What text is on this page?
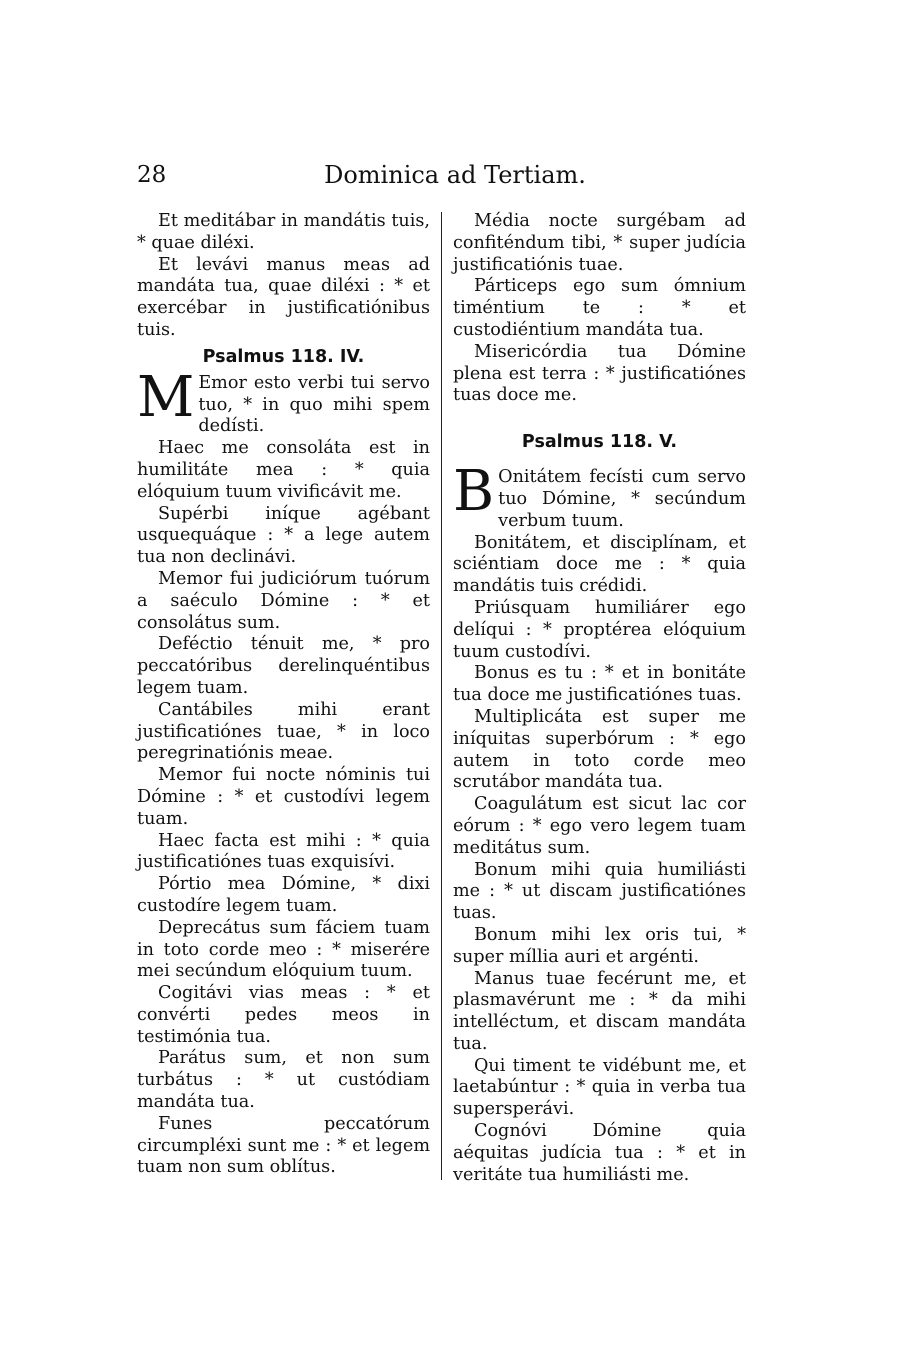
28	Dominica ad Tertiam.

Et meditábar in mandátis tuis, * quae diléxi.

Et levávi manus meas ad mandáta tua, quae diléxi : * et exercébar in justificatiónibus tuis.

Psalmus 118. IV.

M Emor esto verbi tui servo tuo, * in quo mihi spem dedísti.

Haec me consoláta est in humilitáte mea : * quia elóquium tuum vivificávit me.

Supérbi iníque agébant usquequáque : * a lege autem tua non declinávi.

Memor fui judiciórum tuórum a saéculo Dómine : * et consolátus sum.

Deféctio ténuit me, * pro peccatóribus derelinquéntibus legem tuam.

Cantábiles mihi erant justificatiónes tuae, * in loco peregrinatiónis meae.

Memor fui nocte nóminis tui Dómine : * et custodívi legem tuam.

Haec facta est mihi : * quia justificatiónes tuas exquisívi.

Pórtio mea Dómine, * dixi custodíre legem tuam.

Deprecátus sum fáciem tuam in toto corde meo : * miserére mei secúndum elóquium tuum.

Cogitávi vias meas : * et convérti pedes meos in testimónia tua.

Parátus sum, et non sum turbátus : * ut custódiam mandáta tua.

Funes peccatórum circumpléxi sunt me : * et legem tuam non sum oblítus.

Média nocte surgébam ad confiténdum tibi, * super judícia justificatiónis tuae.

Párticeps ego sum ómnium timéntium te : * et custodiéntium mandáta tua.

Misericórdia tua Dómine plena est terra : * justificatiónes tuas doce me.

Psalmus 118. V.

B Onitátem fecísti cum servo tuo Dómine, * secúndum verbum tuum.

Bonitátem, et disciplínam, et sciéntiam doce me : * quia mandátis tuis crédidi.

Priúsquam humiliárer ego delíqui : * proptérea elóquium tuum custodívi.

Bonus es tu : * et in bonitáte tua doce me justificatiónes tuas.

Multiplicáta est super me iníquitas superbórum : * ego autem in toto corde meo scrutábor mandáta tua.

Coagulátum est sicut lac cor eórum : * ego vero legem tuam meditátus sum.

Bonum mihi quia humiliásti me : * ut discam justificatiónes tuas.

Bonum mihi lex oris tui, * super míllia auri et argénti.

Manus tuae fecérunt me, et plasmavérunt me : * da mihi intelléctum, et discam mandáta tua.

Qui timent te vidébunt me, et laetabúntur : * quia in verba tua supersperávi.

Cognóvi Dómine quia aéquitas judícia tua : * et in veritáte tua humiliásti me.
